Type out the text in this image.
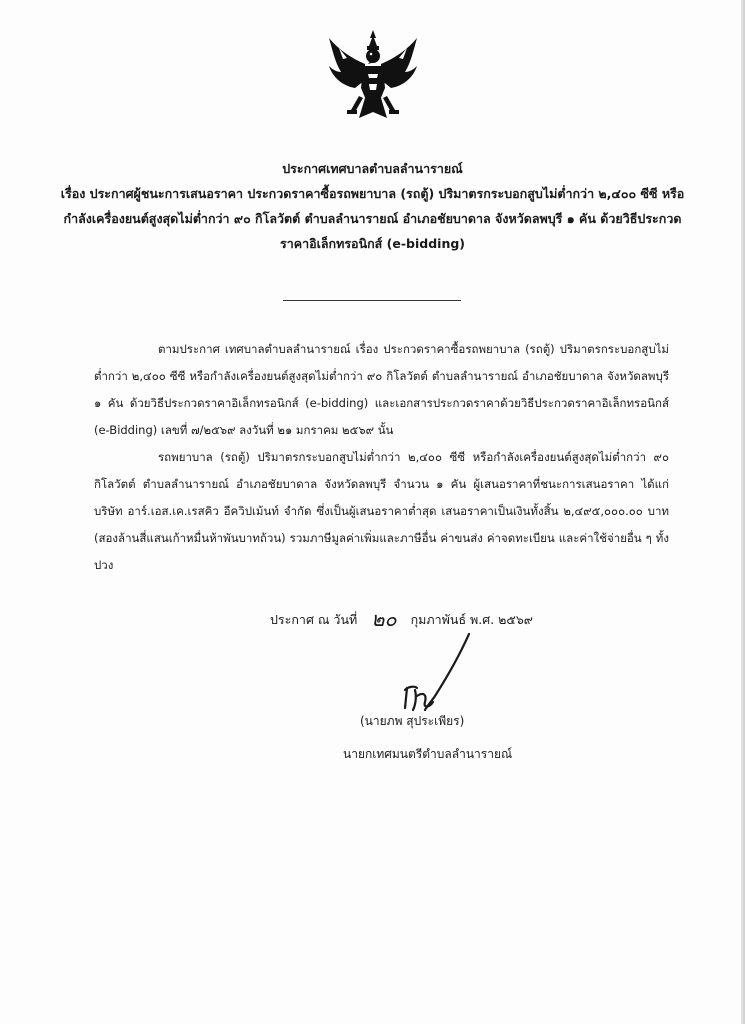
ประกาศเทศบาลตำบลลำนารายณ์
เรื่อง ประกาศผู้ชนะการเสนอราคา ประกวดราคาซื้อรถพยาบาล (รถตู้) ปริมาตรกระบอกสูบไม่ต่ำกว่า ๒,๔๐๐ ซีซี หรือกำลังเครื่องยนต์สูงสุดไม่ต่ำกว่า ๙๐ กิโลวัตต์ ตำบลลำนารายณ์ อำเภอชัยบาดาล จังหวัดลพบุรี ๑ คัน ด้วยวิธีประกวดราคาอิเล็กทรอนิกส์ (e-bidding)
ตามประกาศ เทศบาลตำบลลำนารายณ์ เรื่อง ประกวดราคาซื้อรถพยาบาล (รถตู้) ปริมาตรกระบอกสูบไม่ต่ำกว่า ๒,๔๐๐ ซีซี หรือกำลังเครื่องยนต์สูงสุดไม่ต่ำกว่า ๙๐ กิโลวัตต์ ตำบลลำนารายณ์ อำเภอชัยบาดาล จังหวัดลพบุรี ๑ คัน ด้วยวิธีประกวดราคาอิเล็กทรอนิกส์ (e-bidding) และเอกสารประกวดราคาด้วยวิธีประกวดราคาอิเล็กทรอนิกส์ (e-Bidding) เลขที่ ๗/๒๕๖๙ ลงวันที่ ๒๑ มกราคม ๒๕๖๙ นั้น
รถพยาบาล (รถตู้) ปริมาตรกระบอกสูบไม่ต่ำกว่า ๒,๔๐๐ ซีซี หรือกำลังเครื่องยนต์สูงสุดไม่ต่ำกว่า ๙๐ กิโลวัตต์ ตำบลลำนารายณ์ อำเภอชัยบาดาล จังหวัดลพบุรี จำนวน ๑ คัน ผู้เสนอราคาที่ชนะการเสนอราคา ได้แก่ บริษัท อาร์.เอส.เค.เรสคิว อีควิปเม้นท์ จำกัด ซึ่งเป็นผู้เสนอราคาต่ำสุด เสนอราคาเป็นเงินทั้งสิ้น ๒,๔๙๕,๐๐๐.๐๐ บาท (สองล้านสี่แสนเก้าหมื่นห้าพันบาทถ้วน) รวมภาษีมูลค่าเพิ่มและภาษีอื่น ค่าขนส่ง ค่าจดทะเบียน และค่าใช้จ่ายอื่น ๆ ทั้งปวง
ประกาศ ณ วันที่ ๒๐ กุมภาพันธ์ พ.ศ. ๒๕๖๙
(นายภพ สุประเพียร)
นายกเทศมนตรีตำบลลำนารายณ์
